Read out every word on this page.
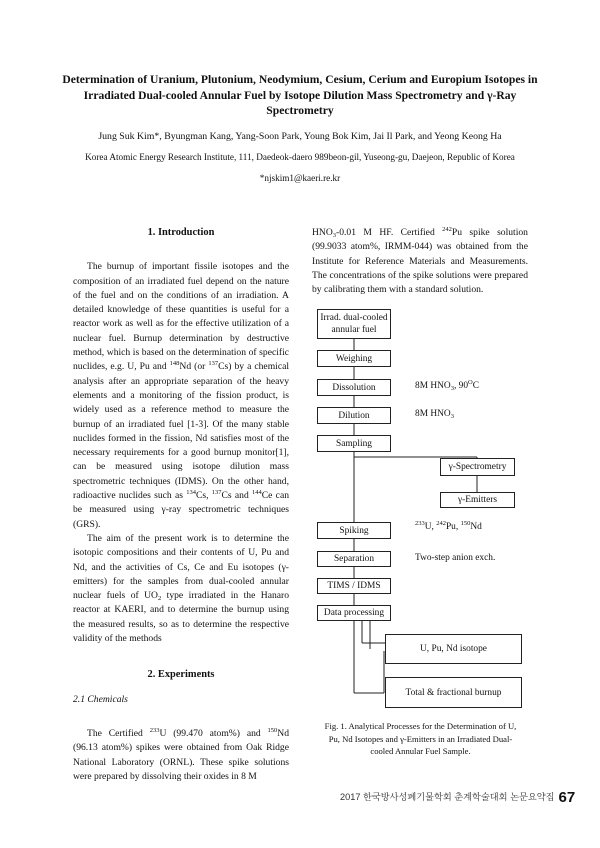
Determination of Uranium, Plutonium, Neodymium, Cesium, Cerium and Europium Isotopes in Irradiated Dual-cooled Annular Fuel by Isotope Dilution Mass Spectrometry and γ-Ray Spectrometry
Jung Suk Kim*, Byungman Kang, Yang-Soon Park, Young Bok Kim, Jai Il Park, and Yeong Keong Ha
Korea Atomic Energy Research Institute, 111, Daedeok-daero 989beon-gil, Yuseong-gu, Daejeon, Republic of Korea
*njskim1@kaeri.re.kr
1. Introduction

The burnup of important fissile isotopes and the composition of an irradiated fuel depend on the nature of the fuel and on the conditions of an irradiation. A detailed knowledge of these quantities is useful for a reactor work as well as for the effective utilization of a nuclear fuel. Burnup determination by destructive method, which is based on the determination of specific nuclides, e.g. U, Pu and $^{148}$Nd (or $^{137}$Cs) by a chemical analysis after an appropriate separation of the heavy elements and a monitoring of the fission product, is widely used as a reference method to measure the burnup of an irradiated fuel [1-3]. Of the many stable nuclides formed in the fission, Nd satisfies most of the necessary requirements for a good burnup monitor[1], can be measured using isotope dilution mass spectrometric techniques (IDMS). On the other hand, radioactive nuclides such as $^{134}$Cs, $^{137}$Cs and $^{144}$Ce can be measured using γ-ray spectrometric techniques (GRS).

The aim of the present work is to determine the isotopic compositions and their contents of U, Pu and Nd, and the activities of Cs, Ce and Eu isotopes (γ-emitters) for the samples from dual-cooled annular nuclear fuels of $UO_2$ type irradiated in the Hanaro reactor at KAERI, and to determine the burnup using the measured results, so as to determine the respective validity of the methods

2. Experiments
2.1 Chemicals

The Certified $^{233}$U (99.470 atom%) and $^{150}$Nd (96.13 atom%) spikes were obtained from Oak Ridge National Laboratory (ORNL). These spike solutions were prepared by dissolving their oxides in 8 M

$HNO_3-0.01$ M HF. Certified $^{242}$Pu spike solution (99.9033 atom%, IRMM-044) was obtained from the Institute for Reference Materials and Measurements. The concentrations of the spike solutions were prepared by calibrating them with a standard solution.
Irrad. dual-cooled annular fuel
Weighing
Dissolution	8M $HNO_3$, $90^OC$
Dilution	8M $HNO_3$
Sampling
γ-Spectrometry
γ-Emitters
Spiking
$^{233}$U, $^{242}$Pu, $^{150}$Nd
Separation	Two-step anion exch.
TIMS / IDMS
Data processing
U, Pu, Nd isotope
Total & fractional burnup
Fig. 1. Analytical Processes for the Determination of U, Pu, Nd Isotopes and γ-Emitters in an Irradiated Dual-cooled Annular Fuel Sample.
2017 한국방사성폐기물학회 춘계학술대회 논문요약집 67
